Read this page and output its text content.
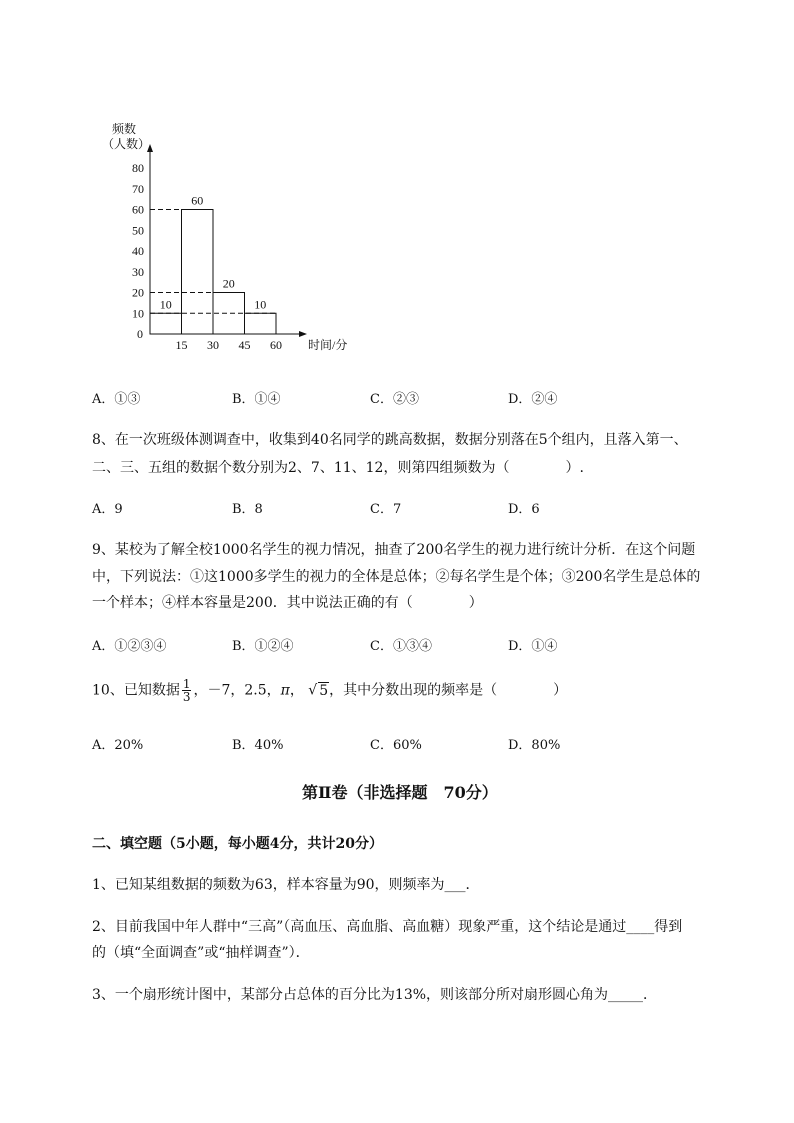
10
20
30
40
50
60
70
80
15 30 45 60
10
60
20
10
频数
（人数）
时间/分
0
A．①③	B．①④	C．②③	D．②④
8、在一次班级体测调查中，收集到40名同学的跳高数据，数据分别落在5个组内，且落入第一、
二、三、五组的数据个数分别为2、7、11、12，则第四组频数为（　　　　）.
A．9	B．8	C．7	D．6
9、某校为了解全校1000名学生的视力情况，抽查了200名学生的视力进行统计分析．在这个问题
中，下列说法：①这1000多学生的视力的全体是总体；②每名学生是个体；③200名学生是总体的
一个样本；④样本容量是200．其中说法正确的有（　　　　）
A．①②③④	B．①②④	C．①③④	D．①④
10、已知数据 $\frac{1}{3}$ ，－7，2.5，π， √ 5，其中分数出现的频率是（　　　　）
A．20%	B．40%	C．60%	D．80%
第Ⅱ卷（非选择题　70分）
二、填空题（5小题，每小题4分，共计20分）
1、已知某组数据的频数为63，样本容量为90，则频率为___．
2、目前我国中年人群中“三高”（高血压、高血脂、高血糖）现象严重，这个结论是通过____得到
的（填“全面调查”或“抽样调查”）．
3、一个扇形统计图中，某部分占总体的百分比为13%，则该部分所对扇形圆心角为_____．
